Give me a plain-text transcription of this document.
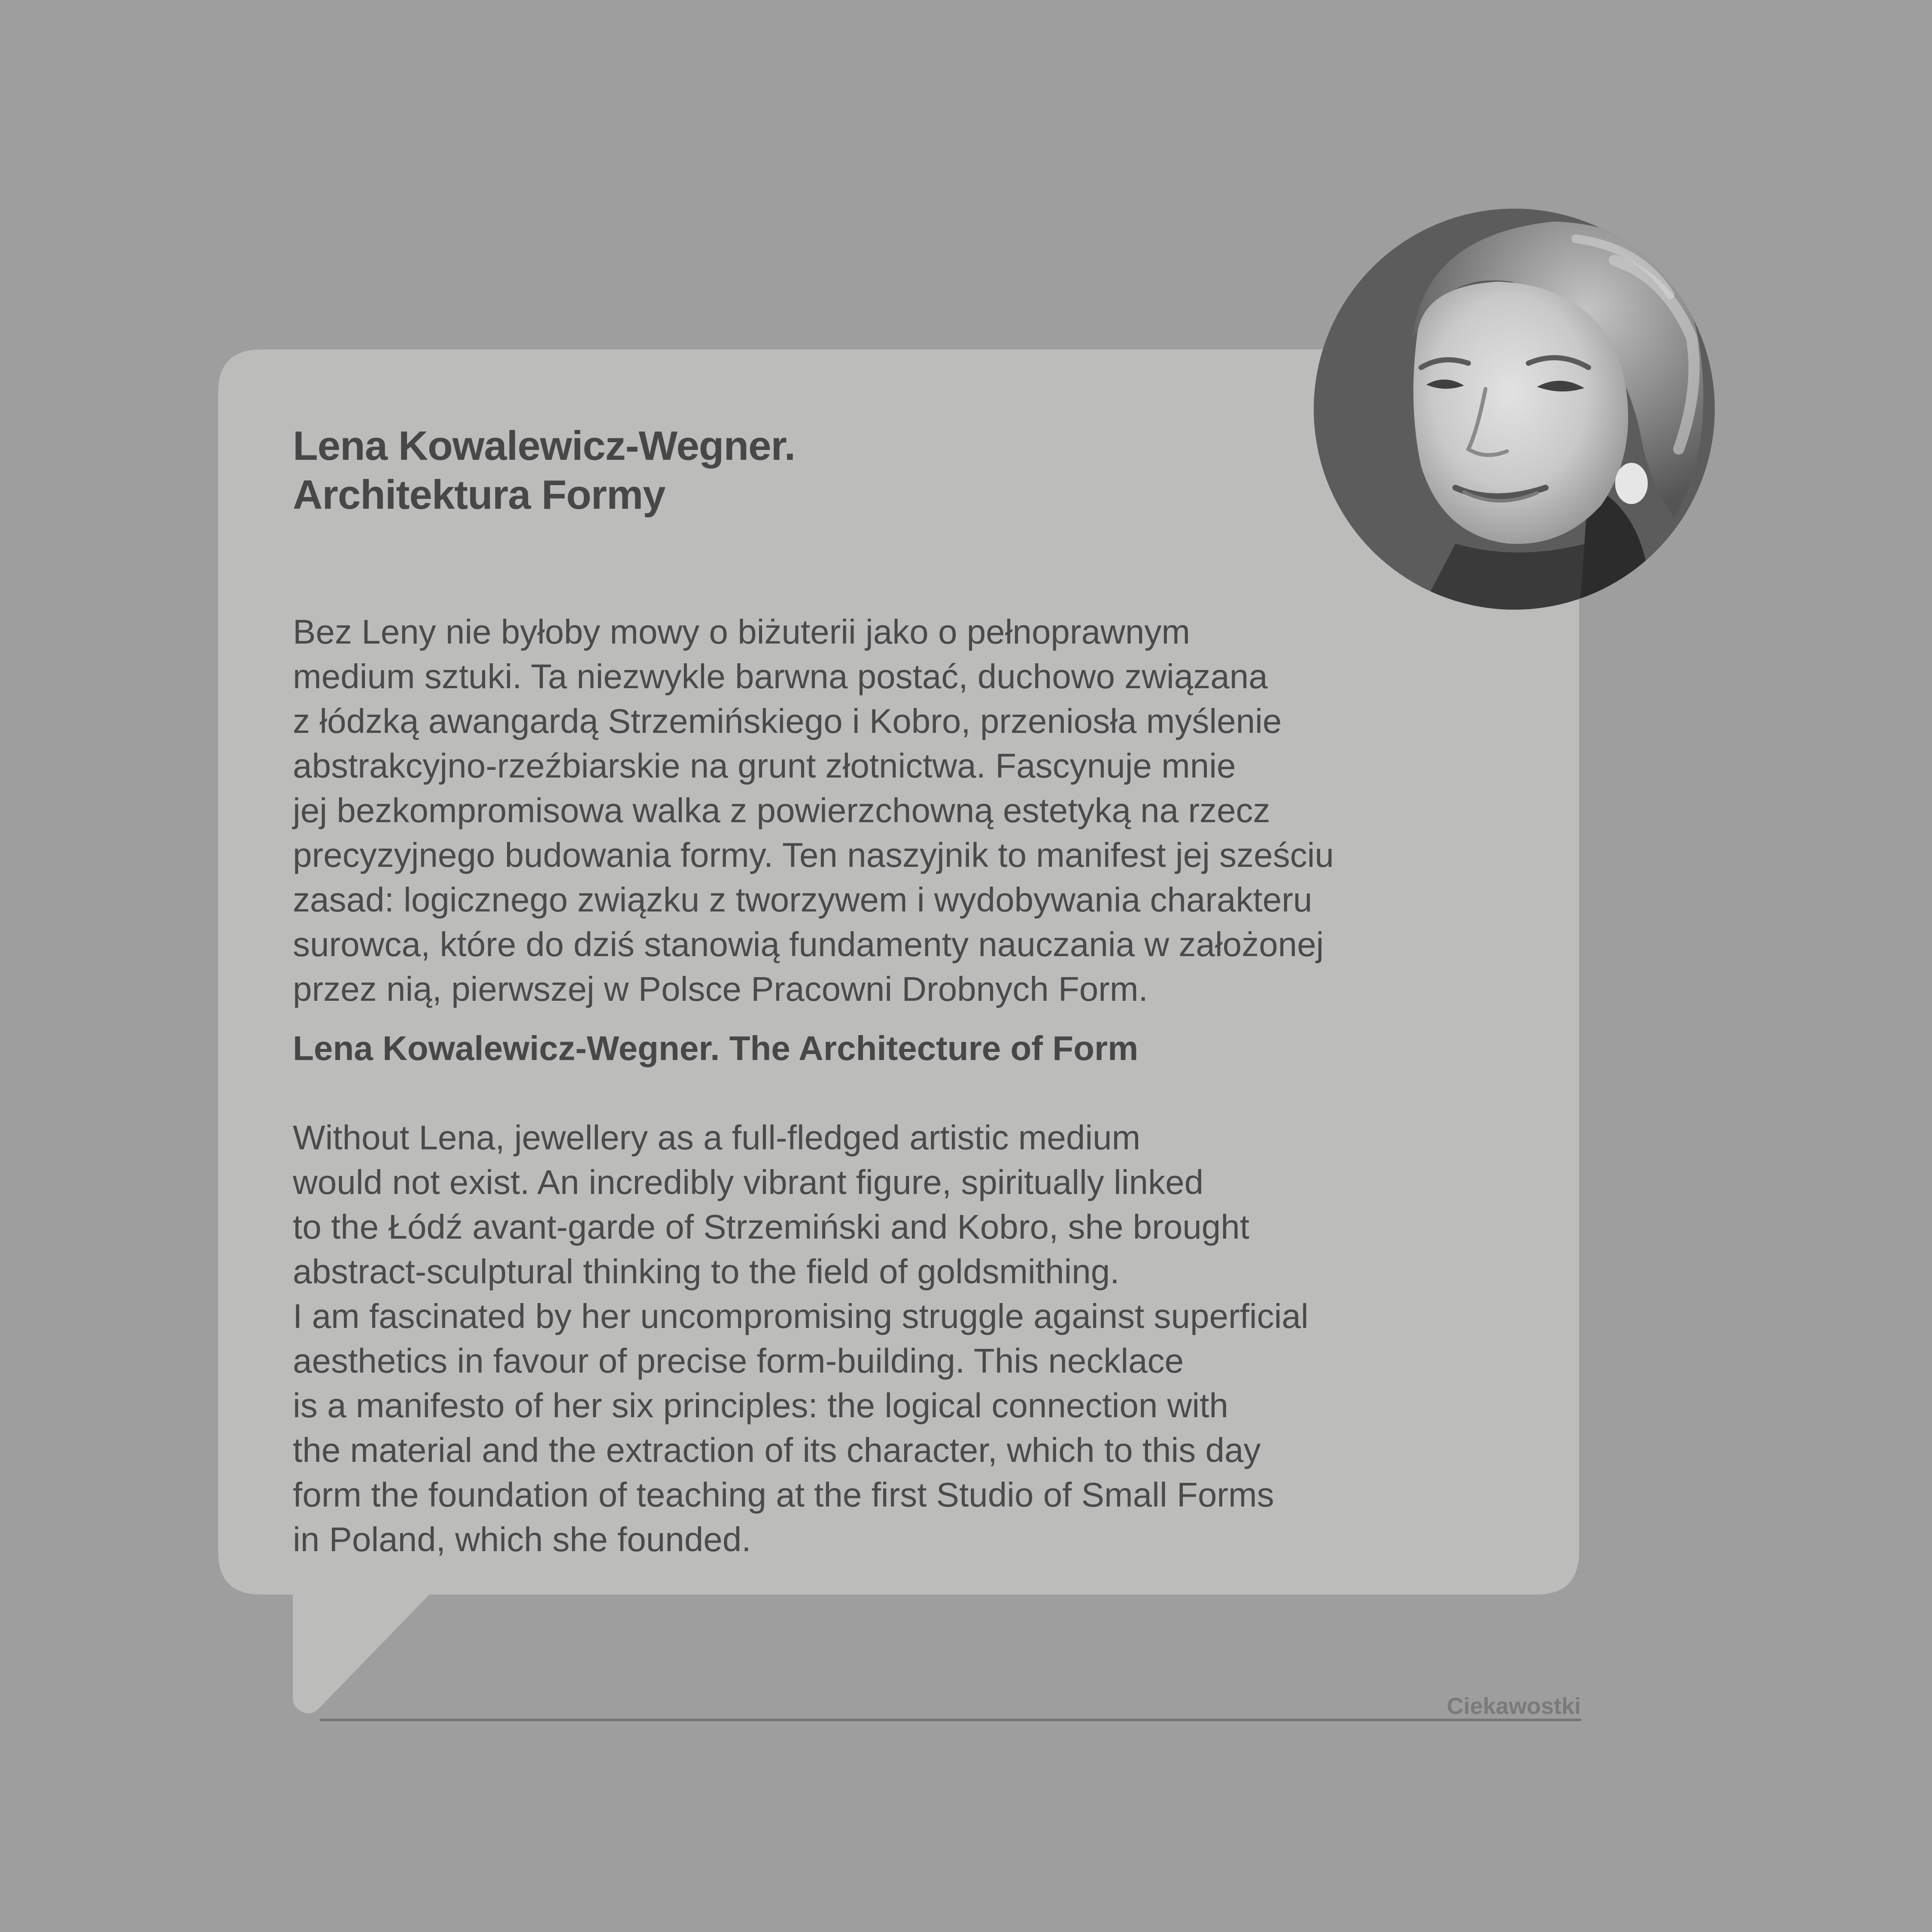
Lena Kowalewicz-Wegner.
Architektura Formy

Bez Leny nie byłoby mowy o biżuterii jako o pełnoprawnym
medium sztuki. Ta niezwykle barwna postać, duchowo związana
z łódzką awangardą Strzemińskiego i Kobro, przeniosła myślenie
abstrakcyjno-rzeźbiarskie na grunt złotnictwa. Fascynuje mnie
jej bezkompromisowa walka z powierzchowną estetyką na rzecz
precyzyjnego budowania formy. Ten naszyjnik to manifest jej sześciu
zasad: logicznego związku z tworzywem i wydobywania charakteru
surowca, które do dziś stanowią fundamenty nauczania w założonej
przez nią, pierwszej w Polsce Pracowni Drobnych Form.

Lena Kowalewicz-Wegner. The Architecture of Form

Without Lena, jewellery as a full-fledged artistic medium
would not exist. An incredibly vibrant figure, spiritually linked
to the Łódź avant-garde of Strzemiński and Kobro, she brought
abstract-sculptural thinking to the field of goldsmithing.
I am fascinated by her uncompromising struggle against superficial
aesthetics in favour of precise form-building. This necklace
is a manifesto of her six principles: the logical connection with
the material and the extraction of its character, which to this day
form the foundation of teaching at the first Studio of Small Forms
in Poland, which she founded.

Ciekawostki
